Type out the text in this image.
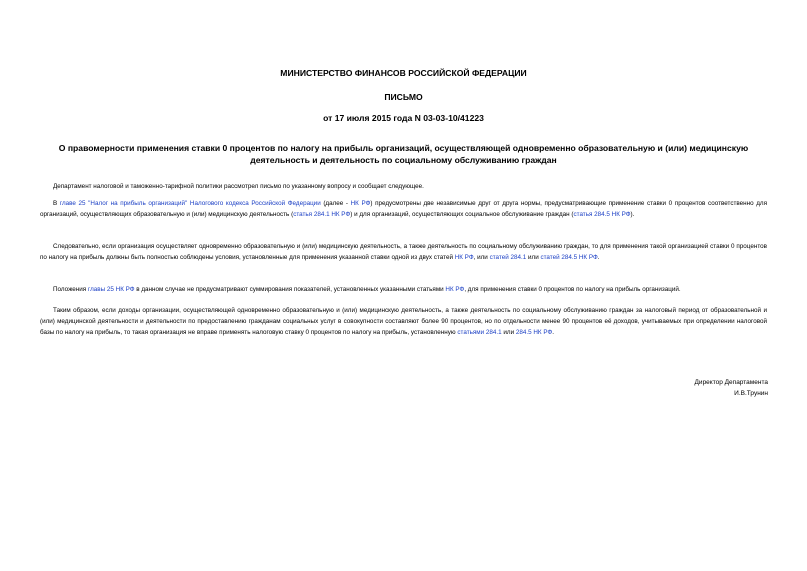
МИНИСТЕРСТВО ФИНАНСОВ РОССИЙСКОЙ ФЕДЕРАЦИИ
ПИСЬМО
от 17 июля 2015 года N 03-03-10/41223
О правомерности применения ставки 0 процентов по налогу на прибыль организаций, осуществляющей одновременно образовательную и (или) медицинскую деятельность и деятельность по социальному обслуживанию граждан

Департамент налоговой и таможенно-тарифной политики рассмотрел письмо по указанному вопросу и сообщает следующее.

В главе 25 "Налог на прибыль организаций" Налогового кодекса Российской Федерации (далее - НК РФ) предусмотрены две независимые друг от друга нормы, предусматривающие применение ставки 0 процентов соответственно для организаций, осуществляющих образовательную и (или) медицинскую деятельность (статья 284.1 НК РФ) и для организаций, осуществляющих социальное обслуживание граждан (статья 284.5 НК РФ).

Следовательно, если организация осуществляет одновременно образовательную и (или) медицинскую деятельность, а также деятельность по социальному обслуживанию граждан, то для применения такой организацией ставки 0 процентов по налогу на прибыль должны быть полностью соблюдены условия, установленные для применения указанной ставки одной из двух статей НК РФ, или статей 284.1 или статей 284.5 НК РФ.

Положения главы 25 НК РФ в данном случае не предусматривают суммирования показателей, установленных указанными статьями НК РФ, для применения ставки 0 процентов по налогу на прибыль организаций.

Таким образом, если доходы организации, осуществляющей одновременно образовательную и (или) медицинскую деятельность, а также деятельность по социальному обслуживанию граждан за налоговый период от образовательной и (или) медицинской деятельности и деятельности по предоставлению гражданам социальных услуг в совокупности составляют более 90 процентов, но по отдельности менее 90 процентов её доходов, учитываемых при определении налоговой базы по налогу на прибыль, то такая организация не вправе применять налоговую ставку 0 процентов по налогу на прибыль, установленную статьями 284.1 или 284.5 НК РФ.

Директор Департамента
И.В.Трунин
